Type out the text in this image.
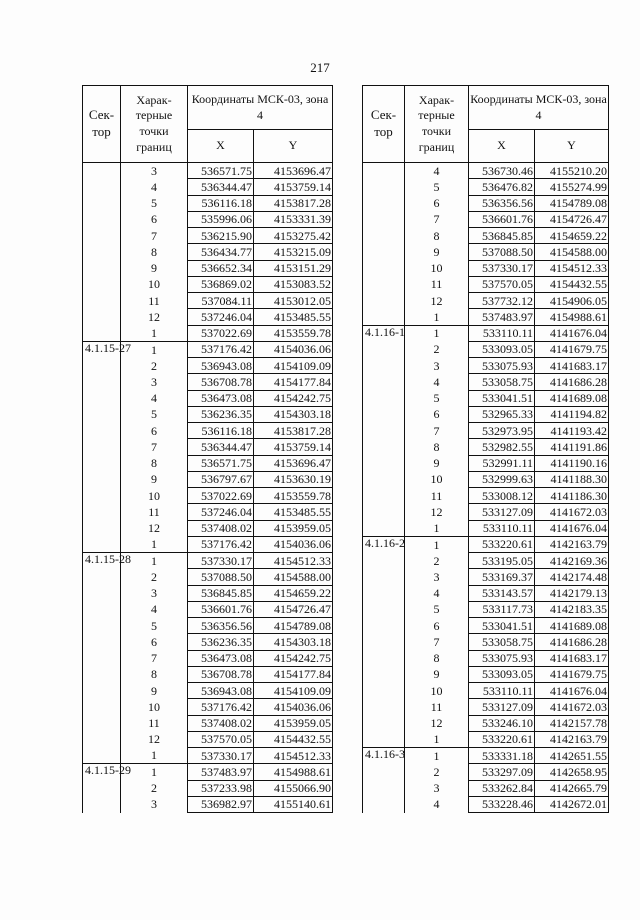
217
Сек-тор	Харак-терные точки границ	Координаты МСК-03, зона 4	
		X	Y
	3	536571.75	4153696.47
	4	536344.47	4153759.14
	5	536116.18	4153817.28
	6	535996.06	4153331.39
	7	536215.90	4153275.42
	8	536434.77	4153215.09
	9	536652.34	4153151.29
	10	536869.02	4153083.52
	11	537084.11	4153012.05
	12	537246.04	4153485.55
	1	537022.69	4153559.78
4.1.15-27	1	537176.42	4154036.06
	2	536943.08	4154109.09
	3	536708.78	4154177.84
	4	536473.08	4154242.75
	5	536236.35	4154303.18
	6	536116.18	4153817.28
	7	536344.47	4153759.14
	8	536571.75	4153696.47
	9	536797.67	4153630.19
	10	537022.69	4153559.78
	11	537246.04	4153485.55
	12	537408.02	4153959.05
	1	537176.42	4154036.06
4.1.15-28	1	537330.17	4154512.33
	2	537088.50	4154588.00
	3	536845.85	4154659.22
	4	536601.76	4154726.47
	5	536356.56	4154789.08
	6	536236.35	4154303.18
	7	536473.08	4154242.75
	8	536708.78	4154177.84
	9	536943.08	4154109.09
	10	537176.42	4154036.06
	11	537408.02	4153959.05
	12	537570.05	4154432.55
	1	537330.17	4154512.33
4.1.15-29	1	537483.97	4154988.61
	2	537233.98	4155066.90
	3	536982.97	4155140.61
Сек-тор	Харак-терные точки границ	Координаты МСК-03, зона 4	
		X	Y
	4	536730.46	4155210.20
	5	536476.82	4155274.99
	6	536356.56	4154789.08
	7	536601.76	4154726.47
	8	536845.85	4154659.22
	9	537088.50	4154588.00
	10	537330.17	4154512.33
	11	537570.05	4154432.55
	12	537732.12	4154906.05
	1	537483.97	4154988.61
4.1.16-1	1	533110.11	4141676.04
	2	533093.05	4141679.75
	3	533075.93	4141683.17
	4	533058.75	4141686.28
	5	533041.51	4141689.08
	6	532965.33	4141194.82
	7	532973.95	4141193.42
	8	532982.55	4141191.86
	9	532991.11	4141190.16
	10	532999.63	4141188.30
	11	533008.12	4141186.30
	12	533127.09	4141672.03
	1	533110.11	4141676.04
4.1.16-2	1	533220.61	4142163.79
	2	533195.05	4142169.36
	3	533169.37	4142174.48
	4	533143.57	4142179.13
	5	533117.73	4142183.35
	6	533041.51	4141689.08
	7	533058.75	4141686.28
	8	533075.93	4141683.17
	9	533093.05	4141679.75
	10	533110.11	4141676.04
	11	533127.09	4141672.03
	12	533246.10	4142157.78
	1	533220.61	4142163.79
4.1.16-3	1	533331.18	4142651.55
	2	533297.09	4142658.95
	3	533262.84	4142665.79
	4	533228.46	4142672.01
